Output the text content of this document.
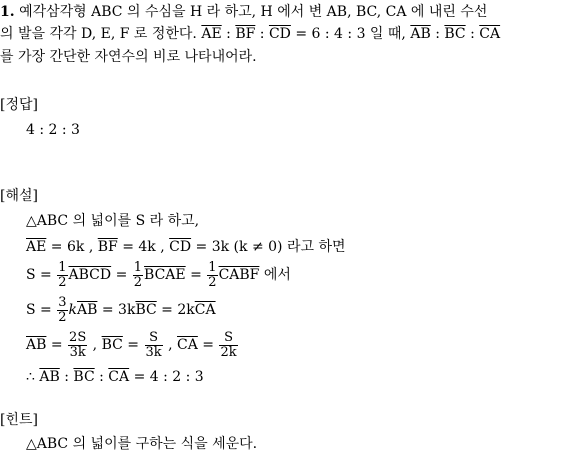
1. 예각삼각형 ABC 의 수심을 H 라 하고, H 에서 변 AB, BC, CA 에 내린 수선
의 발을 각각 D, E, F 로 정한다. $\overline{AE}$ : $\overline{BF}$ : $\overline{CD} = 6$ : 4 : 3 일 때, $\overline{AB}$ : $\overline{BC}$ : $\overline{CA}$
를 가장 간단한 자연수의 비로 나타내어라.
[정답]
4 : 2 : 3
[해설]
△ABC 의 넓이를 S 라 하고,
$\overline{AE} = 6k$ , $\overline{BF} = 4k$ , $\overline{CD} = 3k$ (k ≠ 0) 라고 하면
$S = \frac{1}{2}$ ABCD = $\frac{1}{2}$ BCAE = $\frac{1}{2}$ CABF 에서
$S = \frac{3}{2} k\overline{AB} = 3k\overline{BC} = 2k\overline{CA}$
$\overline{AB} = \frac{2S}{3k}$ , $\overline{BC} = \frac{S}{3k}$ , $\overline{CA} = \frac{S}{2k}$
∴ $\overline{AB}$ : $\overline{BC}$ : $\overline{CA} = 4$ : 2 : 3
[힌트]
△ABC 의 넓이를 구하는 식을 세운다.
